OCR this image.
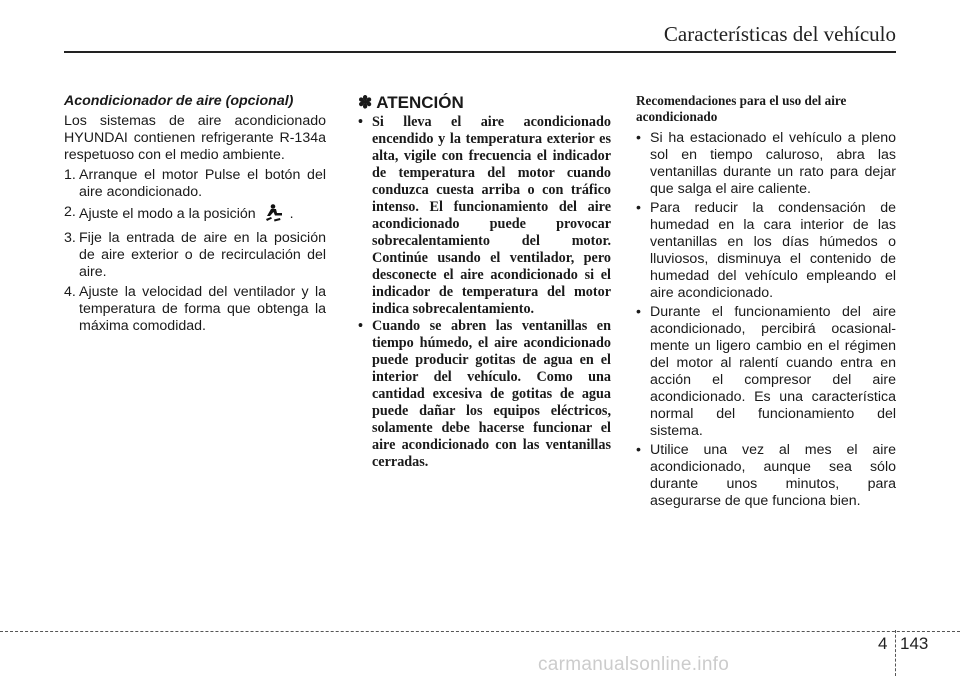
Características del vehículo
Acondicionador de aire (opcional)

Los sistemas de aire acondicionado HYUNDAI contienen refrigerante R-134a respetuoso con el medio ambiente.

1. Arranque el motor Pulse el botón del aire acondicionado.
2. Ajuste el modo a la posición .
3. Fije la entrada de aire en la posición de aire exterior o de recirculación del aire.
4. Ajuste la velocidad del ventilador y la temperatura de forma que obtenga la máxima comodidad.
✽ ATENCIÓN
• Si lleva el aire acondicionado encendido y la temperatura exterior es alta, vigile con frecuencia el indicador de temperatura del motor cuando conduzca cuesta arriba o con tráfico intenso. El funcionamiento del aire acondicionado puede provocar sobrecalentamiento del motor. Continúe usando el ventilador, pero desconecte el aire acondicionado si el indicador de temperatura del motor indica sobrecalentamiento.
• Cuando se abren las ventanillas en tiempo húmedo, el aire acondicionado puede producir gotitas de agua en el interior del vehículo. Como una cantidad excesiva de gotitas de agua puede dañar los equipos eléctricos, solamente debe hacerse funcionar el aire acondicionado con las ventanillas cerradas.
Recomendaciones para el uso del aire acondicionado
• Si ha estacionado el vehículo a pleno sol en tiempo caluroso, abra las ventanillas durante un rato para dejar que salga el aire caliente.
• Para reducir la condensación de humedad en la cara interior de las ventanillas en los días húmedos o lluviosos, disminuya el contenido de humedad del vehículo empleando el aire acondicionado.
• Durante el funcionamiento del aire acondicionado, percibirá ocasional- mente un ligero cambio en el régimen del motor al ralentí cuando entra en acción el compresor del aire acondicionado. Es una característica normal del funcionamiento del sistema.
• Utilice una vez al mes el aire acondicionado, aunque sea sólo durante unos minutos, para asegurarse de que funciona bien.
4 143
carmanualsonline.info
